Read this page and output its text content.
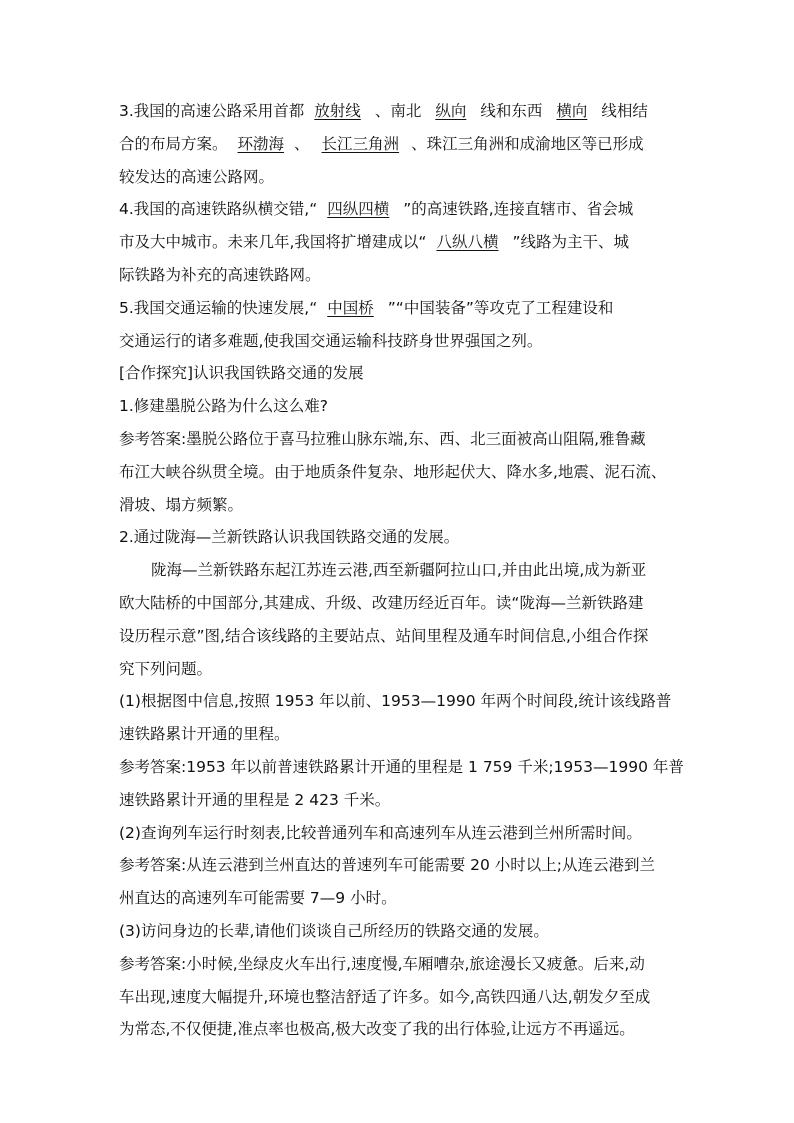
3.我国的高速公路采用首都 放射线 、南北 纵向 线和东西 横向 线相结
合的布局方案。 环渤海 、 长江三角洲 、珠江三角洲和成渝地区等已形成
较发达的高速公路网。
4.我国的高速铁路纵横交错,“ 四纵四横 ”的高速铁路,连接直辖市、省会城
市及大中城市。未来几年,我国将扩增建成以“ 八纵八横 ”线路为主干、城
际铁路为补充的高速铁路网。
5.我国交通运输的快速发展,“ 中国桥 ”“中国装备”等攻克了工程建设和
交通运行的诸多难题,使我国交通运输科技跻身世界强国之列。
[合作探究]认识我国铁路交通的发展
1.修建墨脱公路为什么这么难?
参考答案:墨脱公路位于喜马拉雅山脉东端,东、西、北三面被高山阻隔,雅鲁藏
布江大峡谷纵贯全境。由于地质条件复杂、地形起伏大、降水多,地震、泥石流、
滑坡、塌方频繁。
2.通过陇海—兰新铁路认识我国铁路交通的发展。
陇海—兰新铁路东起江苏连云港,西至新疆阿拉山口,并由此出境,成为新亚
欧大陆桥的中国部分,其建成、升级、改建历经近百年。读“陇海—兰新铁路建
设历程示意”图,结合该线路的主要站点、站间里程及通车时间信息,小组合作探
究下列问题。
(1)根据图中信息,按照 1953 年以前、1953—1990 年两个时间段,统计该线路普
速铁路累计开通的里程。
参考答案:1953 年以前普速铁路累计开通的里程是 1 759 千米;1953—1990 年普
速铁路累计开通的里程是 2 423 千米。
(2)查询列车运行时刻表,比较普通列车和高速列车从连云港到兰州所需时间。
参考答案:从连云港到兰州直达的普速列车可能需要 20 小时以上;从连云港到兰
州直达的高速列车可能需要 7—9 小时。
(3)访问身边的长辈,请他们谈谈自己所经历的铁路交通的发展。
参考答案:小时候,坐绿皮火车出行,速度慢,车厢嘈杂,旅途漫长又疲惫。后来,动
车出现,速度大幅提升,环境也整洁舒适了许多。如今,高铁四通八达,朝发夕至成
为常态,不仅便捷,准点率也极高,极大改变了我的出行体验,让远方不再遥远。
